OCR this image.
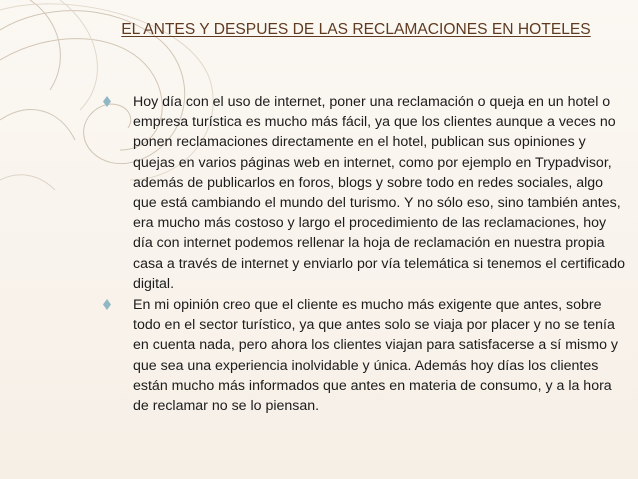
EL ANTES Y DESPUES DE LAS RECLAMACIONES EN HOTELES
Hoy día con el uso de internet, poner una reclamación o queja en un hotel o empresa turística es mucho más fácil, ya que los clientes aunque a veces no ponen reclamaciones directamente en el hotel, publican sus opiniones y quejas en varios páginas web en internet, como por ejemplo en Trypadvisor, además de publicarlos en foros, blogs y sobre todo en redes sociales, algo que está cambiando el mundo del turismo. Y no sólo eso, sino también antes, era mucho más costoso y largo el procedimiento de las reclamaciones, hoy día con internet podemos rellenar la hoja de reclamación en nuestra propia casa a través de internet y enviarlo por vía telemática si tenemos el certificado digital.
En mi opinión creo que el cliente es mucho más exigente que antes, sobre todo en el sector turístico, ya que antes solo se viaja por placer y no se tenía en cuenta nada, pero ahora los clientes viajan para satisfacerse a sí mismo y que sea una experiencia inolvidable y única. Además hoy días los clientes están mucho más informados que antes en materia de consumo, y a la hora de reclamar no se lo piensan.
